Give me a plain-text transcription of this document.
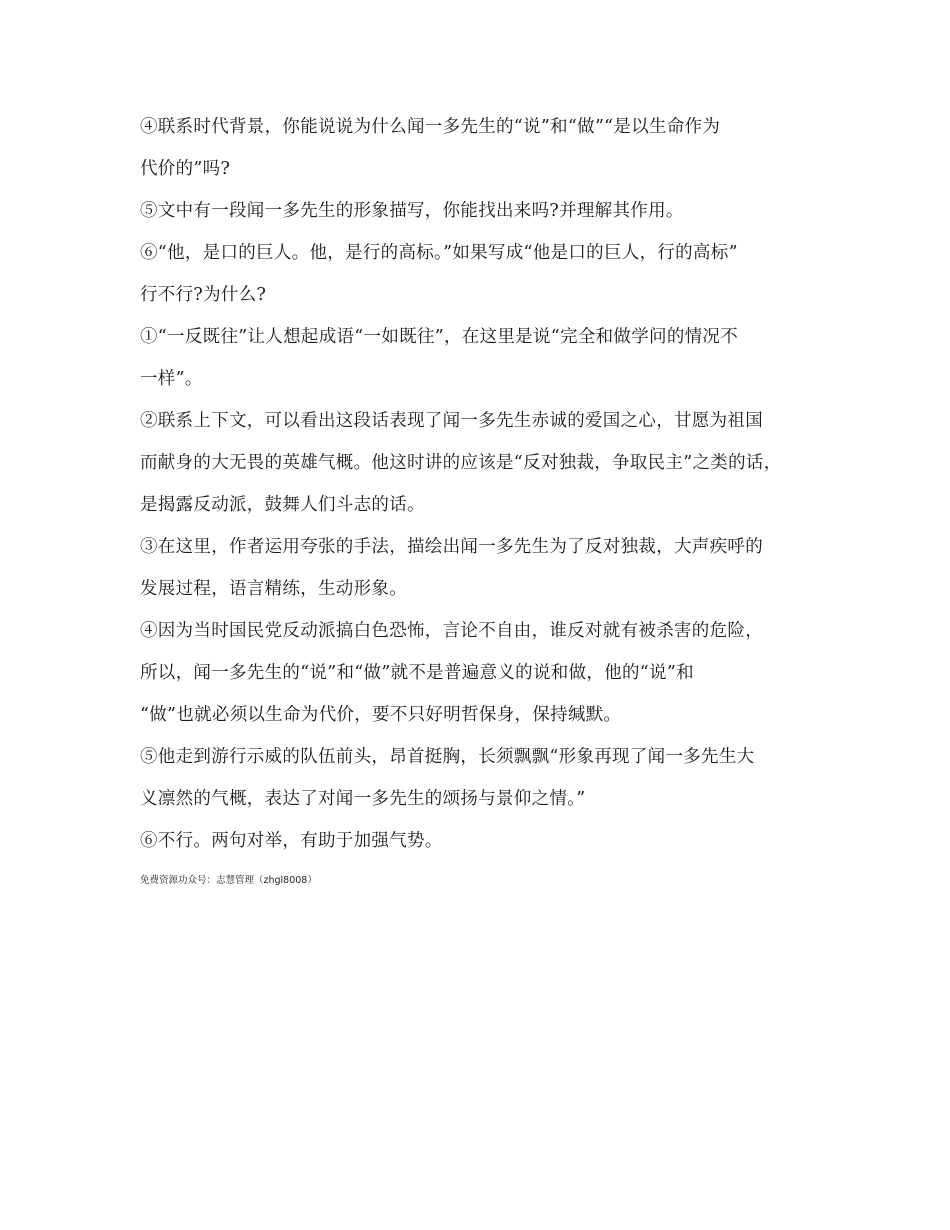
④联系时代背景，你能说说为什么闻一多先生的“说”和“做”“是以生命作为

代价的”吗?

⑤文中有一段闻一多先生的形象描写，你能找出来吗?并理解其作用。

⑥“他，是口的巨人。他，是行的高标。”如果写成“他是口的巨人，行的高标”

行不行?为什么?

①“一反既往”让人想起成语“一如既往”，在这里是说“完全和做学问的情况不

一样”。

②联系上下文，可以看出这段话表现了闻一多先生赤诚的爱国之心，甘愿为祖国

而献身的大无畏的英雄气概。他这时讲的应该是“反对独裁，争取民主”之类的话，

是揭露反动派，鼓舞人们斗志的话。

③在这里，作者运用夸张的手法，描绘出闻一多先生为了反对独裁，大声疾呼的

发展过程，语言精练，生动形象。

④因为当时国民党反动派搞白色恐怖，言论不自由，谁反对就有被杀害的危险，

所以，闻一多先生的“说”和“做”就不是普遍意义的说和做，他的“说”和

“做”也就必须以生命为代价，要不只好明哲保身，保持缄默。

⑤他走到游行示威的队伍前头，昂首挺胸，长须飘飘“形象再现了闻一多先生大

义凛然的气概，表达了对闻一多先生的颂扬与景仰之情。”

⑥不行。两句对举，有助于加强气势。

免费资源功众号：志慧管理（zhgl8008）
